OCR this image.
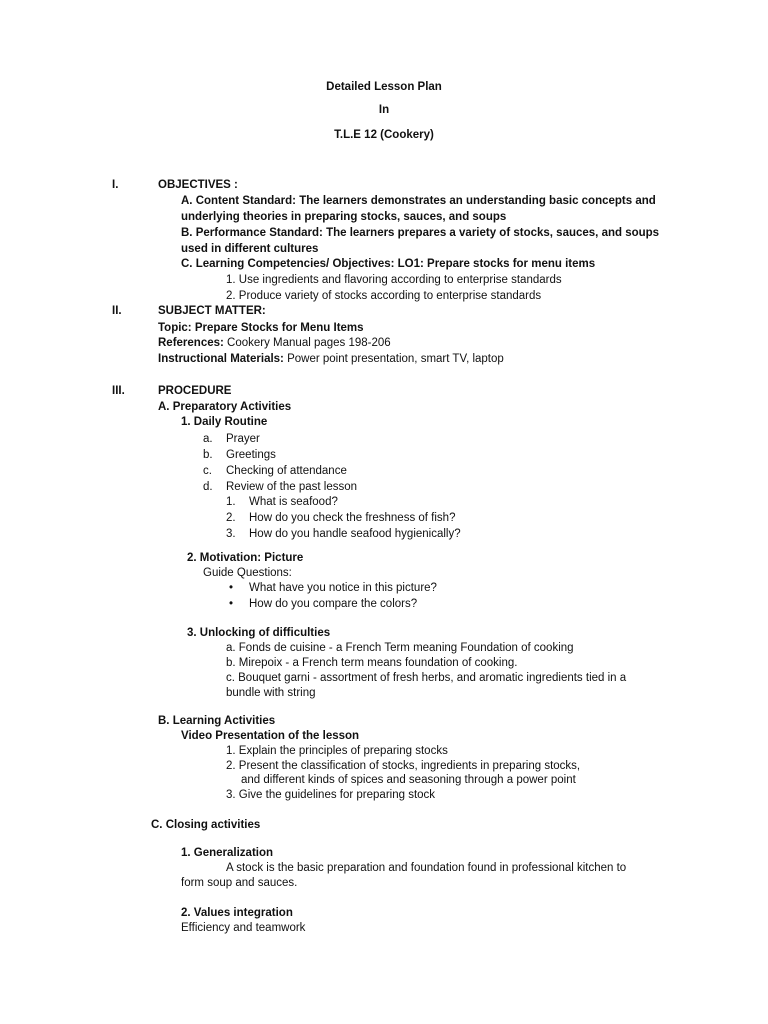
Detailed Lesson Plan
In
T.L.E 12 (Cookery)
I.	OBJECTIVES :
A. Content Standard: The learners demonstrates an understanding basic concepts and
underlying theories in preparing stocks, sauces, and soups
B. Performance Standard: The learners prepares a variety of stocks, sauces, and soups
used in different cultures
C. Learning Competencies/ Objectives: LO1: Prepare stocks for menu items
1. Use ingredients and flavoring according to enterprise standards
2. Produce variety of stocks according to enterprise standards
II.	SUBJECT MATTER:
Topic: Prepare Stocks for Menu Items
References: Cookery Manual pages 198-206
Instructional Materials: Power point presentation, smart TV, laptop
III.	PROCEDURE
A. Preparatory Activities
1. Daily Routine
a. Prayer
b. Greetings
c. Checking of attendance
d. Review of the past lesson
1. What is seafood?
2. How do you check the freshness of fish?
3. How do you handle seafood hygienically?
2. Motivation: Picture
Guide Questions:
• What have you notice in this picture?
• How do you compare the colors?
3. Unlocking of difficulties
a. Fonds de cuisine - a French Term meaning Foundation of cooking
b. Mirepoix - a French term means foundation of cooking.
c. Bouquet garni - assortment of fresh herbs, and aromatic ingredients tied in a
bundle with string
B. Learning Activities
Video Presentation of the lesson
1. Explain the principles of preparing stocks
2. Present the classification of stocks, ingredients in preparing stocks,
and different kinds of spices and seasoning through a power point
3. Give the guidelines for preparing stock
C. Closing activities
1. Generalization
A stock is the basic preparation and foundation found in professional kitchen to
form soup and sauces.
2. Values integration
Efficiency and teamwork
